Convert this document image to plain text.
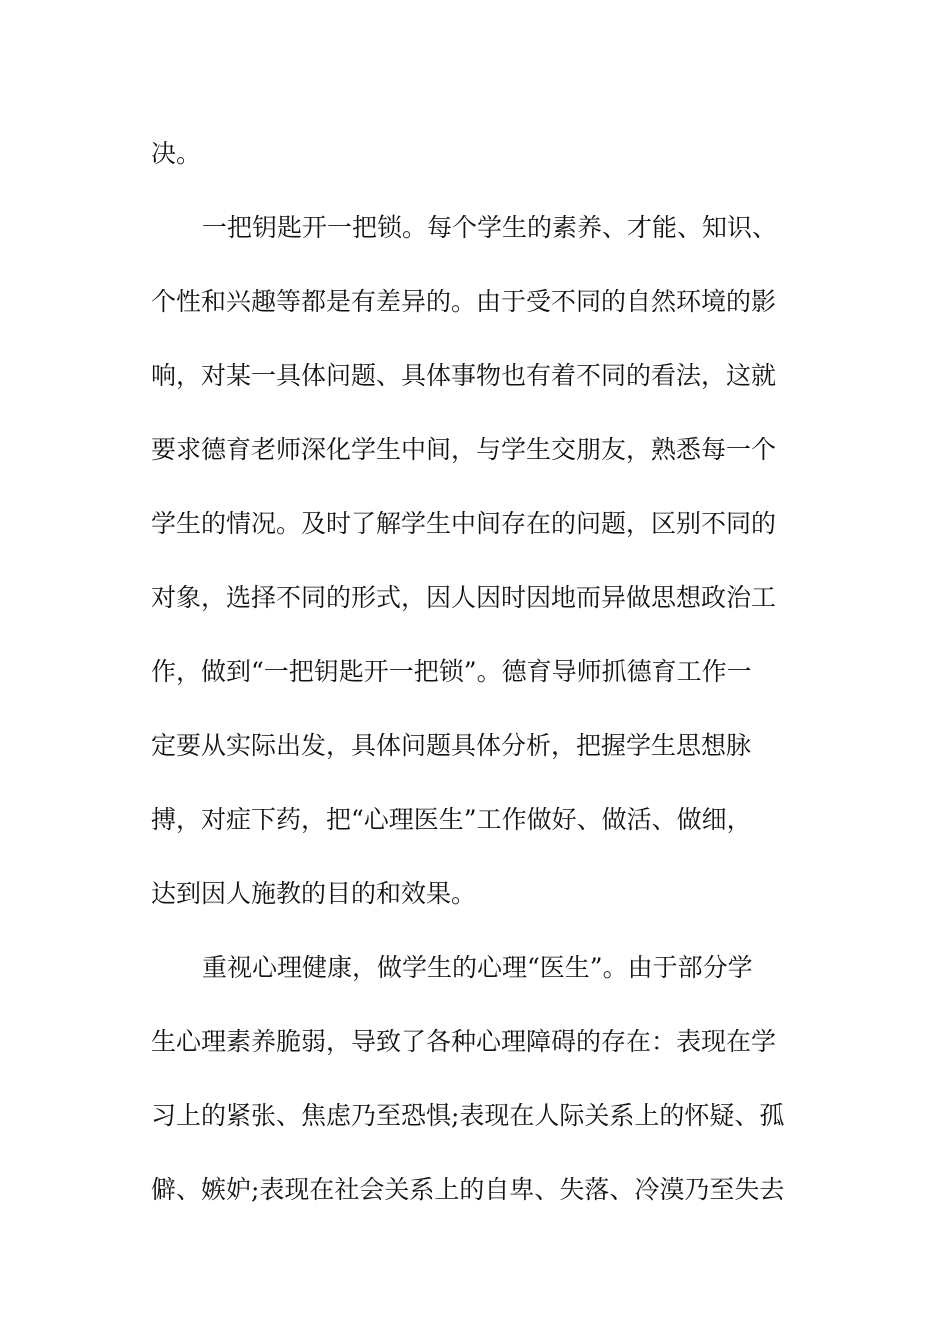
决。

一把钥匙开一把锁。每个学生的素养、才能、知识、

个性和兴趣等都是有差异的。由于受不同的自然环境的影

响，对某一具体问题、具体事物也有着不同的看法，这就

要求德育老师深化学生中间，与学生交朋友，熟悉每一个

学生的情况。及时了解学生中间存在的问题，区别不同的

对象，选择不同的形式，因人因时因地而异做思想政治工

作，做到“一把钥匙开一把锁”。德育导师抓德育工作一

定要从实际出发，具体问题具体分析，把握学生思想脉

搏，对症下药，把“心理医生”工作做好、做活、做细，

达到因人施教的目的和效果。

重视心理健康，做学生的心理“医生”。由于部分学

生心理素养脆弱，导致了各种心理障碍的存在：表现在学

习上的紧张、焦虑乃至恐惧;表现在人际关系上的怀疑、孤

僻、嫉妒;表现在社会关系上的自卑、失落、冷漠乃至失去
